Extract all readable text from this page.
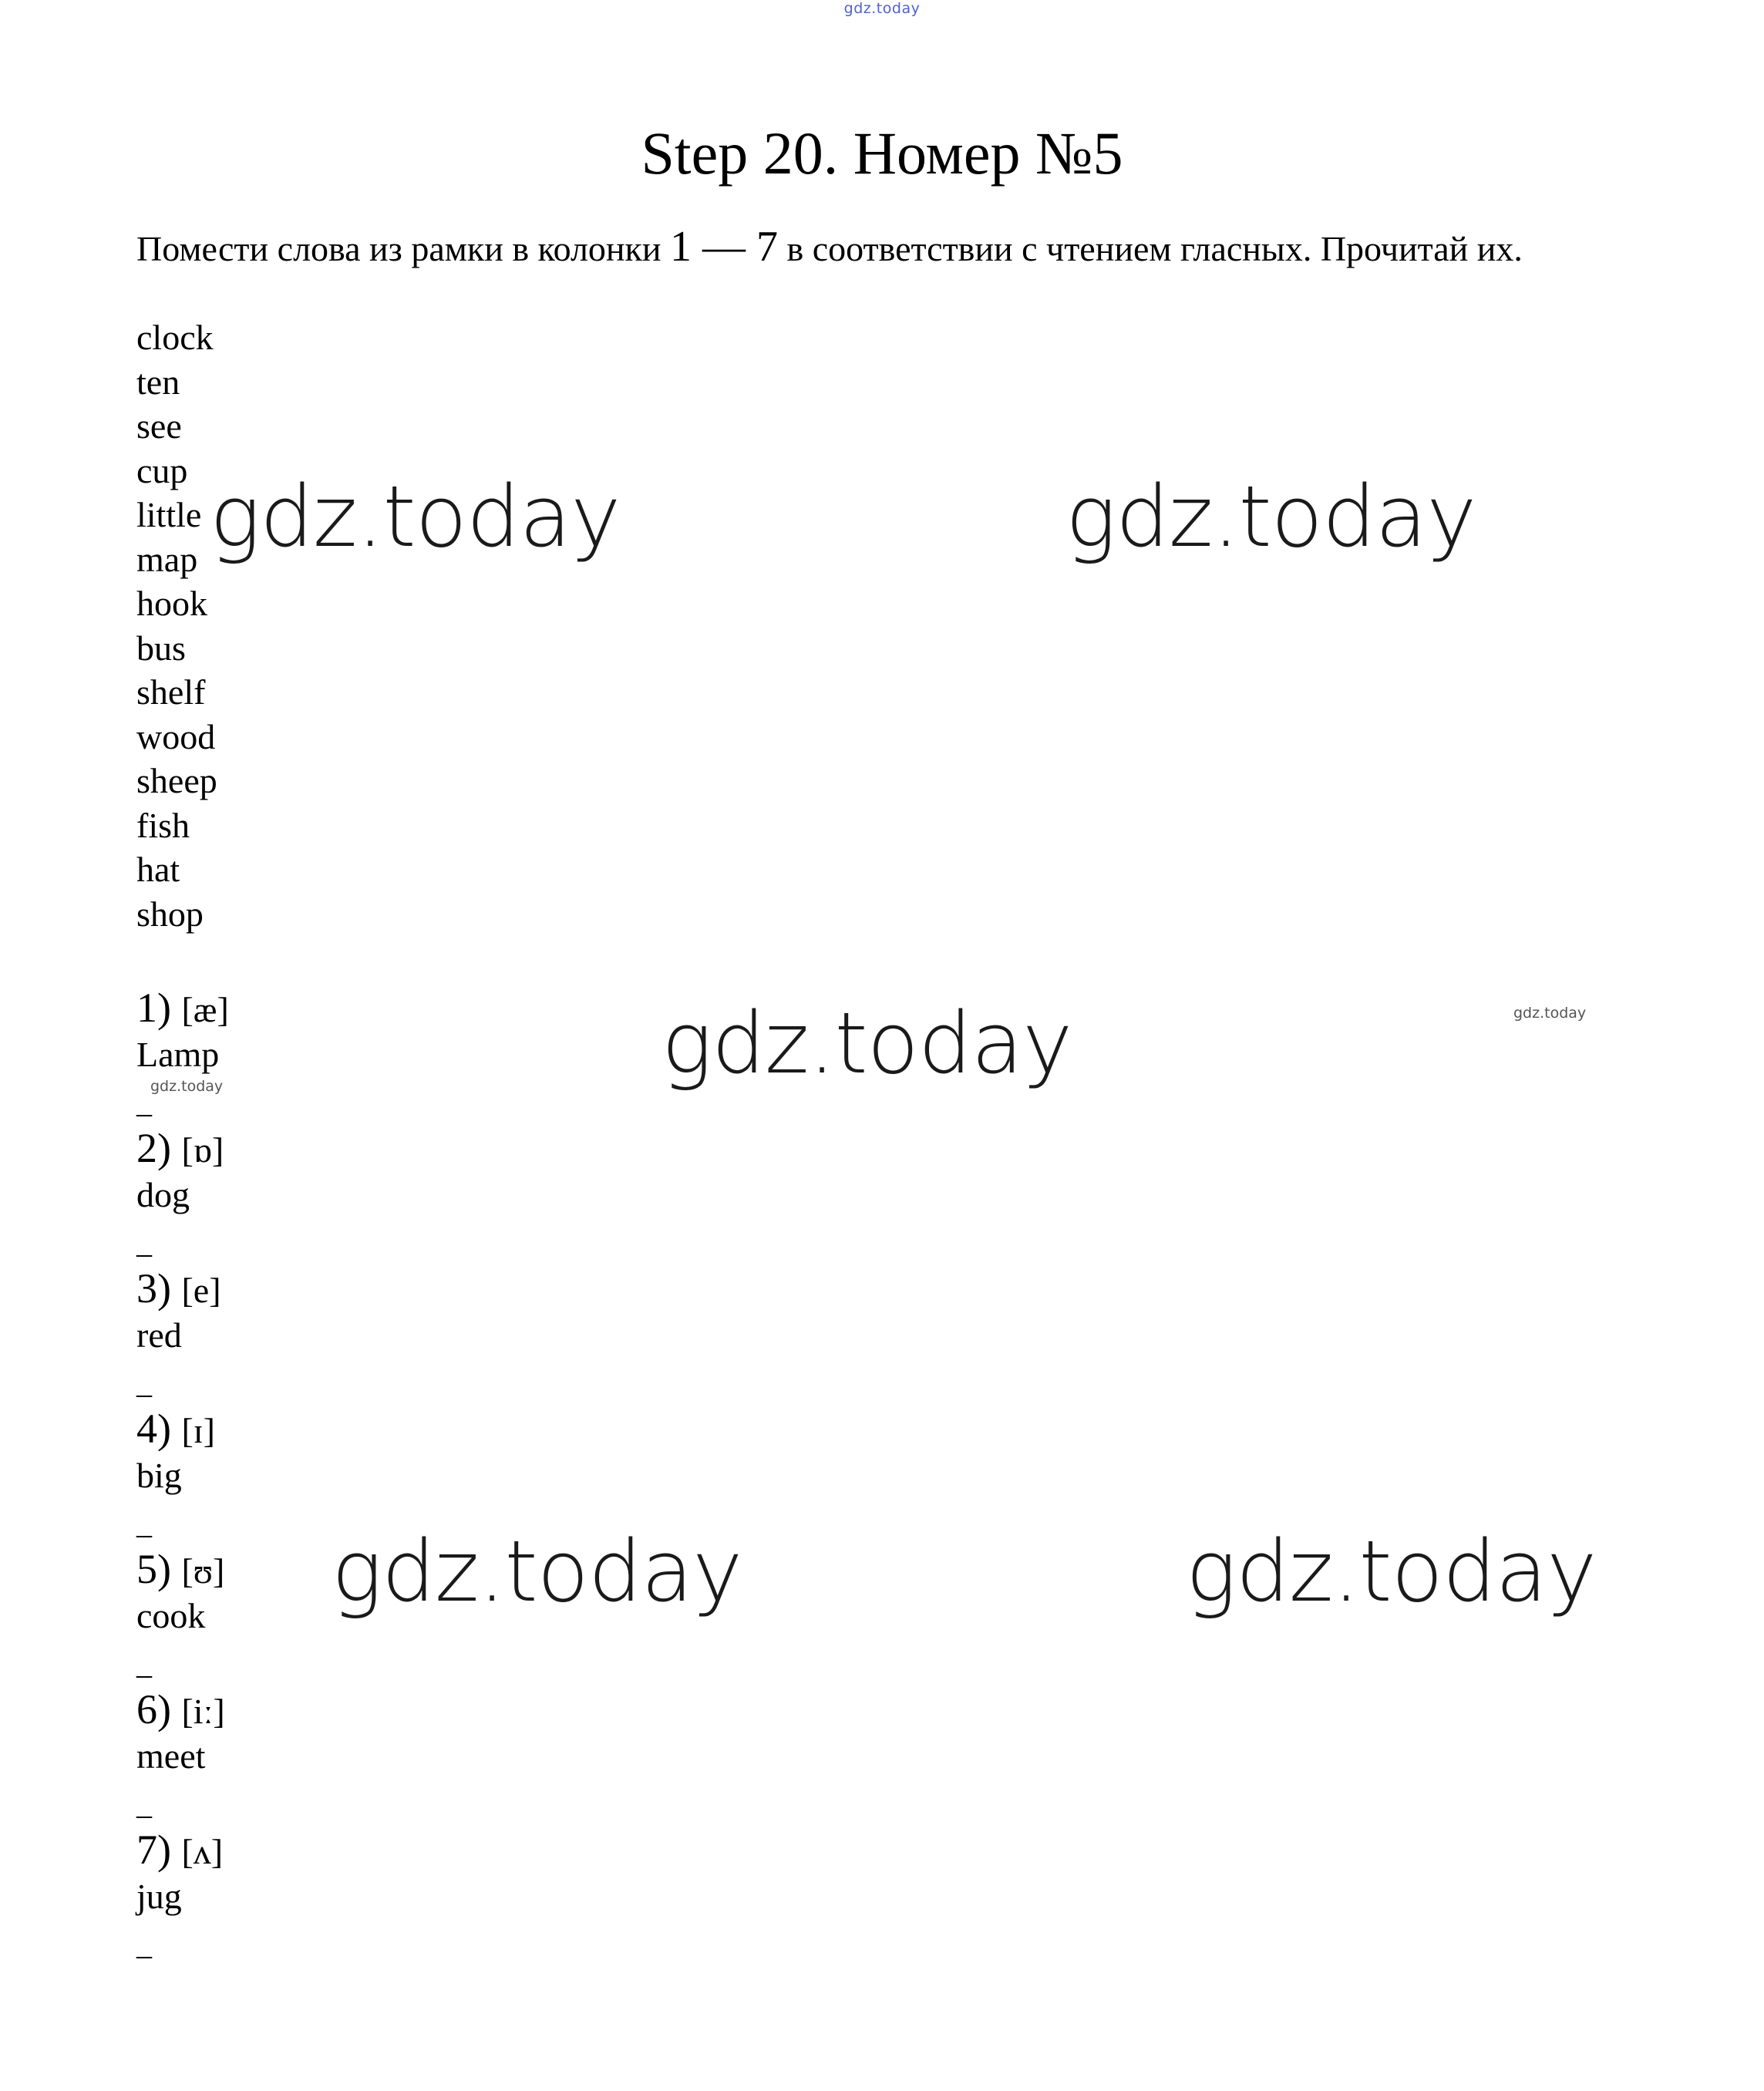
gdz.today
Step 20. Номер №5
Помести слова из рамки в колонки 1 — 7 в соответствии с чтением гласных. Прочитай их.
clock
ten
see
cup
little
map
hook
bus
shelf
wood
sheep
fish
hat
shop
1) [æ]
Lamp
_
2) [ɒ]
dog
_
3) [e]
red
_
4) [ɪ]
big
_
5) [ʊ]
cook
_
6) [iː]
meet
_
7) [ʌ]
jug
_
gdz.today	gdz.today
gdz.today
gdz.today	gdz.today
gdz.today
gdz.today
